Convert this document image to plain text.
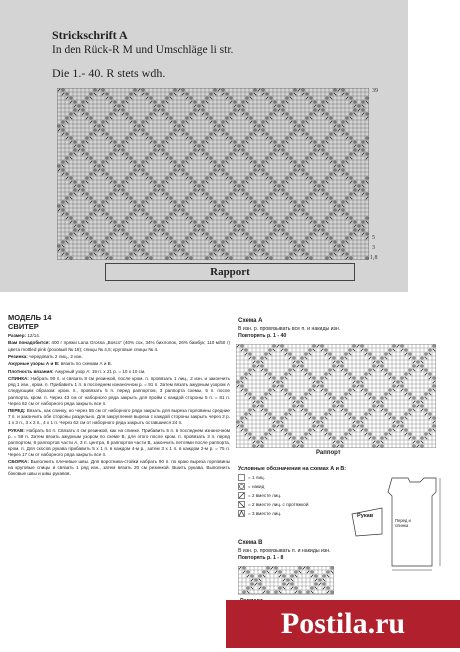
Strickschrift A
In den Rück-R M und Umschläge li str.
Die 1.- 40. R stets wdh.
39
5
3
1,8
Rapport
МОДЕЛЬ 14
СВИТЕР

Размер: 12/14.

Вам понадобится: 400 г пряжи Lana Grossa „Bosco“ (40% сох, 34% бихлопок, 26% бамбук; 110 м/50 г) цвета mottled pink (розовый № 18); спицы № 4,5; круговые спицы № 4.

Резинка: чередовать 2 лиц., 2 изн.

Ажурные узоры А и В: вязать по схемам А и В.

Плотность вязания: Ажурный узор А: 19 п. x 21 р. = 10 x 10 см.

СПИНКА: Набрать 90 п. и связать 8 см резинкой, после кром. п. провязать 1 лиц., 2 изн. и закончить ряд 1 изн., кром. п. Прибавить 1 п. в последнем изнаночном р. = 91 п. Затем вязать ажурным узором А следующим образом: кром. п., провязать 5 п. перед раппортом, 3 раппорта схемы, 5 п. после раппорта, кром. п. Через 43 см от наборного ряда закрыть для пройм с каждой стороны 5 п. = 81 п. Через 62 см от наборного ряда закрыть все п.

ПЕРЕД: Вязать, как спинку, но через 55 см от наборного ряда закрыть для выреза горловины средние 7 п. и закончить обе стороны раздельно. Для закругления выреза с каждой стороны закрыть через 2 р. 1 x 3 п., 3 x 2 п., 4 x 1 п. Через 62 см от наборного ряда закрыть оставшиеся 24 п.

РУКАВ: Набрать 54 п. Связать 4 см резинкой, как на спинке. Прибавить 5 п. в последнем изнаночном р. = 59 п. Затем вязать ажурным узором по схеме В, для этого после кром. п. провязать 3 п. перед раппортом, 8 раппортов части А, 3 п. центра, 8 раппортов части В, закончить петлями после раппорта, кром. п. Для скосов рукава прибавить 5 x 1 п. в каждом 4-м р., затем 3 x 1 п. в каждом 2-м р. = 75 п. Через 17 см от наборного ряда закрыть все п.

СБОРКА: Выполнить плечевые швы. Для воротника-стойки набрать 90 п. по краю выреза горловины на круговые спицы и связать 1 ряд изн., затем вязать 20 см резинкой. Вшить рукава. Выполнить боковые швы и швы рукавов.

Схема А
В изн. р. провязывать все п. и накиды изн.
Повторять р. 1 - 40
Раппорт
Условные обозначения на схемах А и В:
= 1 лиц.
= накид
= 2 вместе лиц.
= 2 вместе лиц. с протяжкой
= 3 вместе лиц.	Рукав
Перед и спинка
Схема В
В изн. р. провязывать п. и накиды изн.
Повторять р. 1 - 8
Postila.ru
